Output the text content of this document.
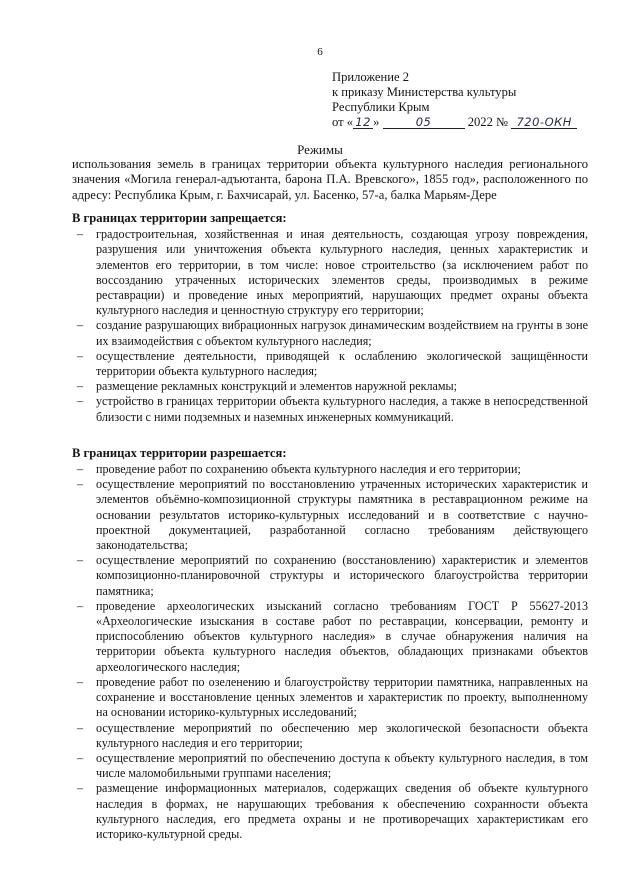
6
Приложение 2
к приказу Министерства культуры
Республики Крым
от « 12 »	05	2022 № 720-ОКН
Режимы
использования земель в границах территории объекта культурного наследия регионального значения «Могила генерал-адъютанта, барона П.А. Вревского», 1855 год», расположенного по адресу: Республика Крым, г. Бахчисарай, ул. Басенко, 57-а, балка Марьям-Дере
В границах территории запрещается:
– градостроительная, хозяйственная и иная деятельность, создающая угрозу повреждения, разрушения или уничтожения объекта культурного наследия, ценных характеристик и элементов его территории, в том числе: новое строительство (за исключением работ по воссозданию утраченных исторических элементов среды, производимых в режиме реставрации) и проведение иных мероприятий, нарушающих предмет охраны объекта культурного наследия и ценностную структуру его территории;
– создание разрушающих вибрационных нагрузок динамическим воздействием на грунты в зоне их взаимодействия с объектом культурного наследия;
– осуществление деятельности, приводящей к ослаблению экологической защищённости территории объекта культурного наследия;
– размещение рекламных конструкций и элементов наружной рекламы;
– устройство в границах территории объекта культурного наследия, а также в непосредственной близости с ними подземных и наземных инженерных коммуникаций.
В границах территории разрешается:
– проведение работ по сохранению объекта культурного наследия и его территории;
– осуществление мероприятий по восстановлению утраченных исторических характеристик и элементов объёмно-композиционной структуры памятника в реставрационном режиме на основании результатов историко-культурных исследований и в соответствие с научно-проектной документацией, разработанной согласно требованиям действующего законодательства;
– осуществление мероприятий по сохранению (восстановлению) характеристик и элементов композиционно-планировочной структуры и исторического благоустройства территории памятника;
– проведение археологических изысканий согласно требованиям ГОСТ Р 55627-2013 «Археологические изыскания в составе работ по реставрации, консервации, ремонту и приспособлению объектов культурного наследия» в случае обнаружения наличия на территории объекта культурного наследия объектов, обладающих признаками объектов археологического наследия;
– проведение работ по озеленению и благоустройству территории памятника, направленных на сохранение и восстановление ценных элементов и характеристик по проекту, выполненному на основании историко-культурных исследований;
– осуществление мероприятий по обеспечению мер экологической безопасности объекта культурного наследия и его территории;
– осуществление мероприятий по обеспечению доступа к объекту культурного наследия, в том числе маломобильными группами населения;
– размещение информационных материалов, содержащих сведения об объекте культурного наследия в формах, не нарушающих требования к обеспечению сохранности объекта культурного наследия, его предмета охраны и не противоречащих характеристикам его историко-культурной среды.
